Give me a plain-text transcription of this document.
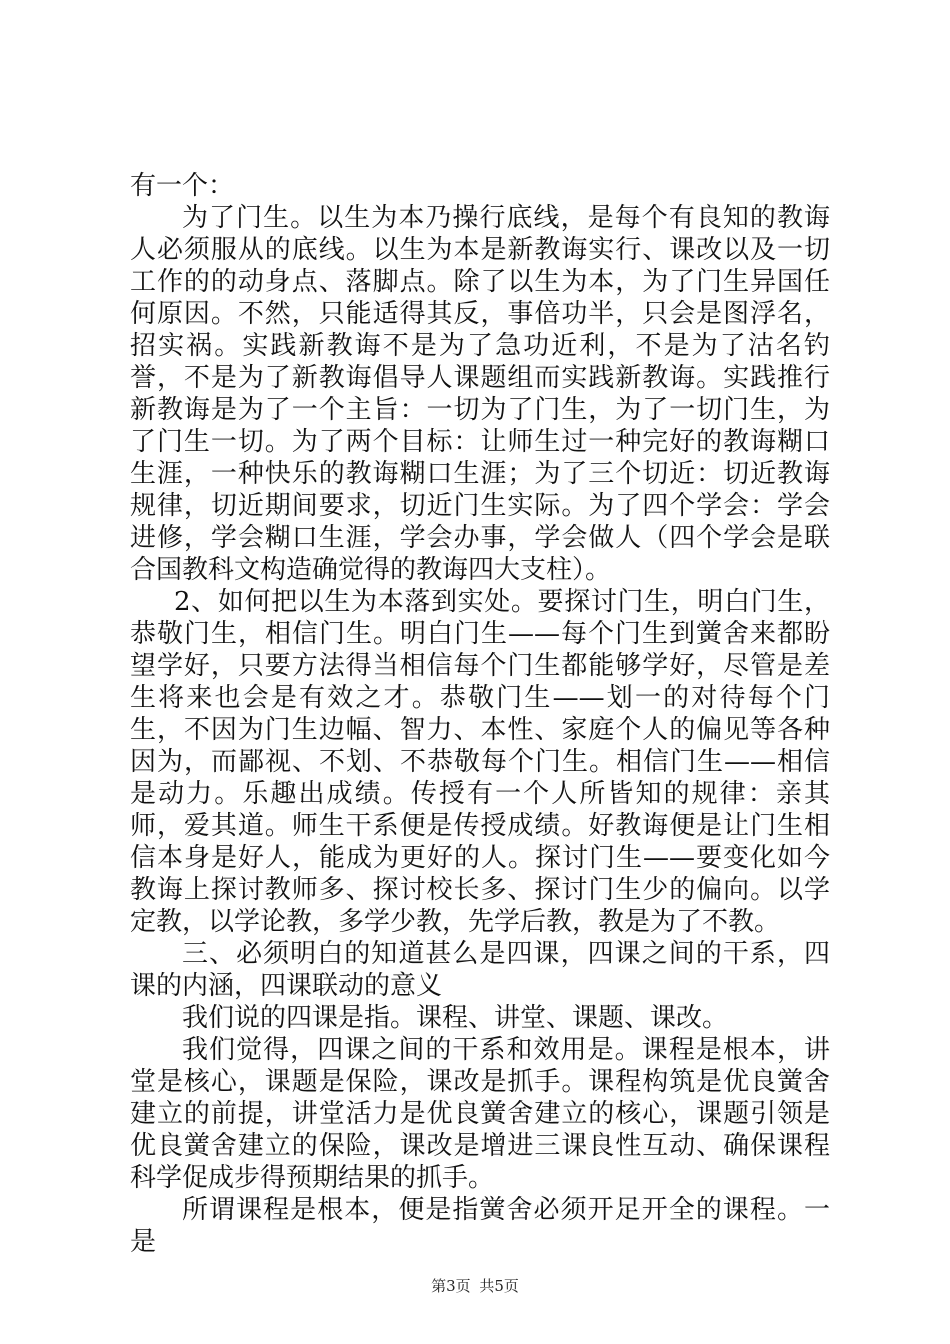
有一个：

为了门生。以生为本乃操行底线，是每个有良知的教诲人必须服从的底线。以生为本是新教诲实行、课改以及一切工作的的动身点、落脚点。除了以生为本，为了门生异国任何原因。不然，只能适得其反，事倍功半，只会是图浮名，招实祸。实践新教诲不是为了急功近利，不是为了沽名钓誉，不是为了新教诲倡导人课题组而实践新教诲。实践推行新教诲是为了一个主旨：一切为了门生，为了一切门生，为了门生一切。为了两个目标：让师生过一种完好的教诲糊口生涯，一种快乐的教诲糊口生涯；为了三个切近：切近教诲规律，切近期间要求，切近门生实际。为了四个学会：学会进修，学会糊口生涯，学会办事，学会做人（四个学会是联合国教科文构造确觉得的教诲四大支柱）。

2、如何把以生为本落到实处。要探讨门生，明白门生，恭敬门生，相信门生。明白门生——每个门生到黉舍来都盼望学好，只要方法得当相信每个门生都能够学好，尽管是差生将来也会是有效之才。恭敬门生——划一的对待每个门生，不因为门生边幅、智力、本性、家庭个人的偏见等各种因为，而鄙视、不划、不恭敬每个门生。相信门生——相信是动力。乐趣出成绩。传授有一个人所皆知的规律：亲其师，爱其道。师生干系便是传授成绩。好教诲便是让门生相信本身是好人，能成为更好的人。探讨门生——要变化如今教诲上探讨教师多、探讨校长多、探讨门生少的偏向。以学定教，以学论教，多学少教，先学后教，教是为了不教。

三、必须明白的知道甚么是四课，四课之间的干系，四课的内涵，四课联动的意义

我们说的四课是指。课程、讲堂、课题、课改。

我们觉得，四课之间的干系和效用是。课程是根本，讲堂是核心，课题是保险，课改是抓手。课程构筑是优良黉舍建立的前提，讲堂活力是优良黉舍建立的核心，课题引领是优良黉舍建立的保险，课改是增进三课良性互动、确保课程科学促成步得预期结果的抓手。

所谓课程是根本，便是指黉舍必须开足开全的课程。一是

第3页 共5页
